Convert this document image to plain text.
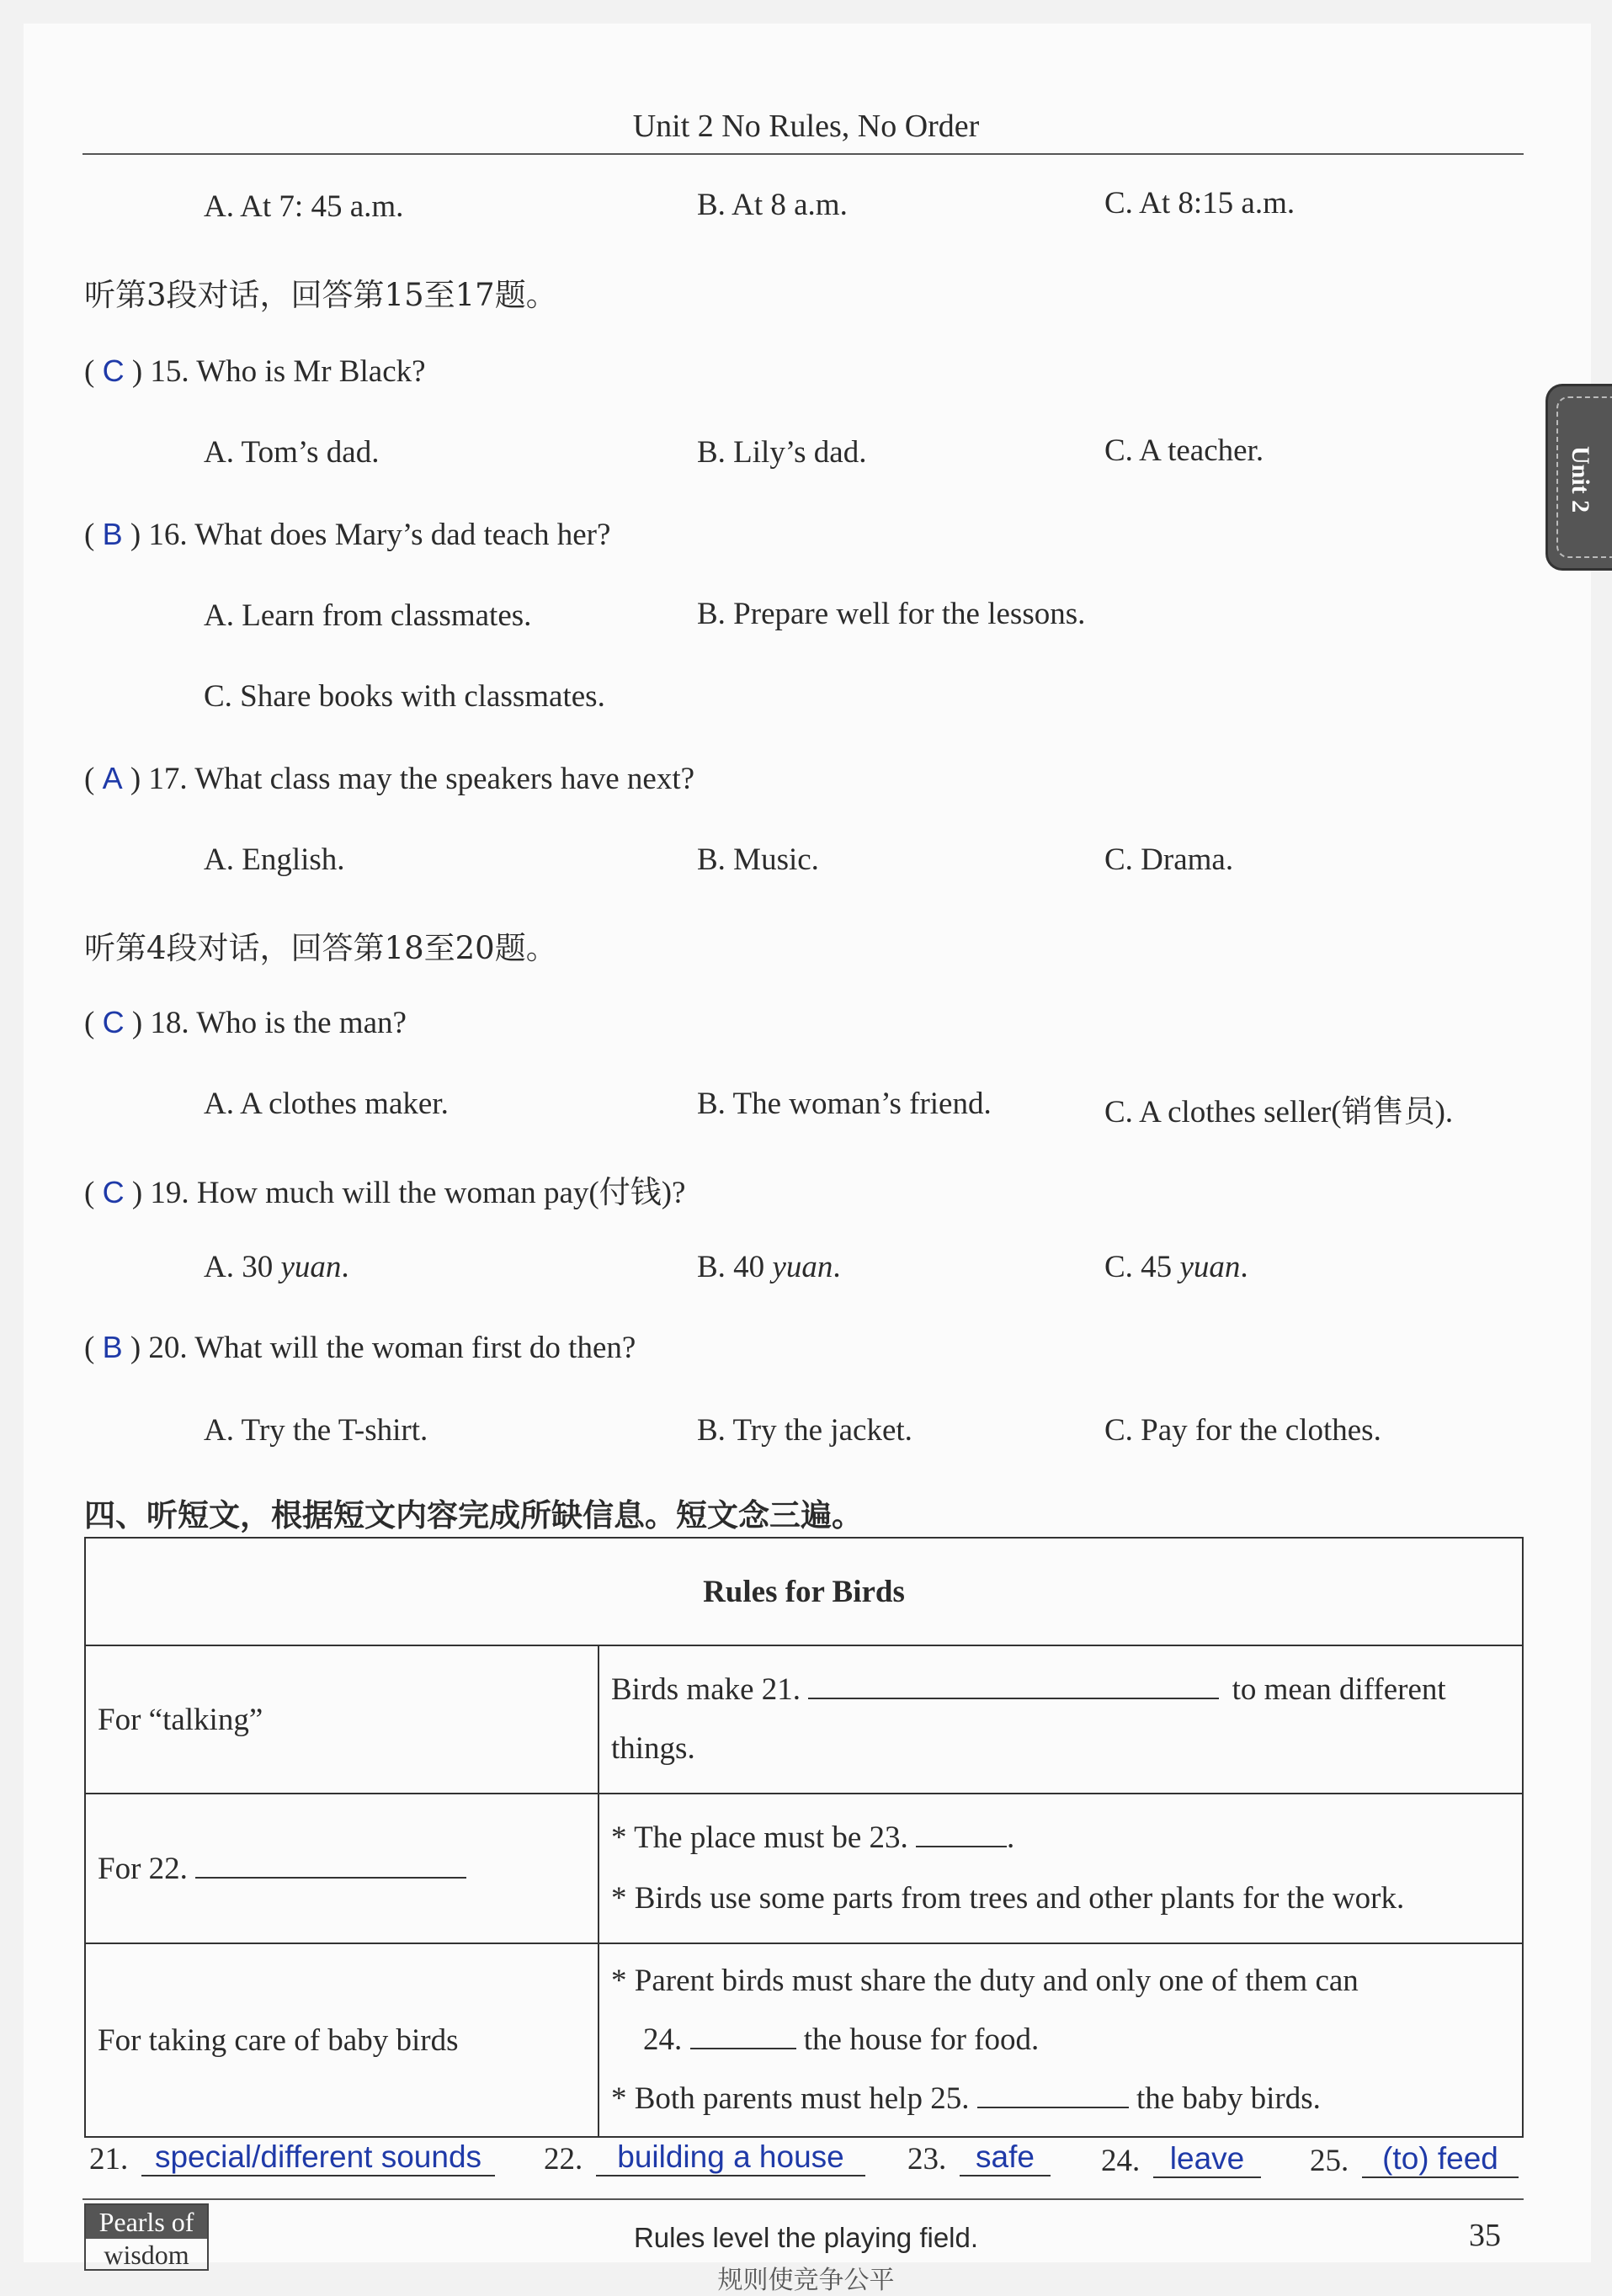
Unit 2 No Rules, No Order
Unit 2
A. At 7: 45 a.m.	B. At 8 a.m.	C. At 8:15 a.m.
听第3段对话，回答第15至17题。
( C ) 15. Who is Mr Black?
A. Tom’s dad.	B. Lily’s dad.	C. A teacher.
( B ) 16. What does Mary’s dad teach her?
A. Learn from classmates.	B. Prepare well for the lessons.
C. Share books with classmates.
( A ) 17. What class may the speakers have next?
A. English.	B. Music.	C. Drama.
听第4段对话，回答第18至20题。
( C ) 18. Who is the man?
A. A clothes maker.	B. The woman’s friend.	C. A clothes seller(销售员).
( C ) 19. How much will the woman pay(付钱)?
A. 30 yuan.	B. 40 yuan.	C. 45 yuan.
( B ) 20. What will the woman first do then?
A. Try the T-shirt.	B. Try the jacket.	C. Pay for the clothes.
四、听短文，根据短文内容完成所缺信息。短文念三遍。
Rules for Birds	
For “talking”	Birds make 21. to mean different
things.
For 22.	* The place must be 23. .
* Birds use some parts from trees and other plants for the work.
For taking care of baby birds	* Parent birds must share the duty and only one of them can
24. the house for food.
* Both parents must help 25. the baby birds.
21. special/different sounds	22.	building a house	23. safe	24. leave	25.	(to) feed
Pearls of
wisdom
Rules level the playing field.	35
规则使竞争公平
